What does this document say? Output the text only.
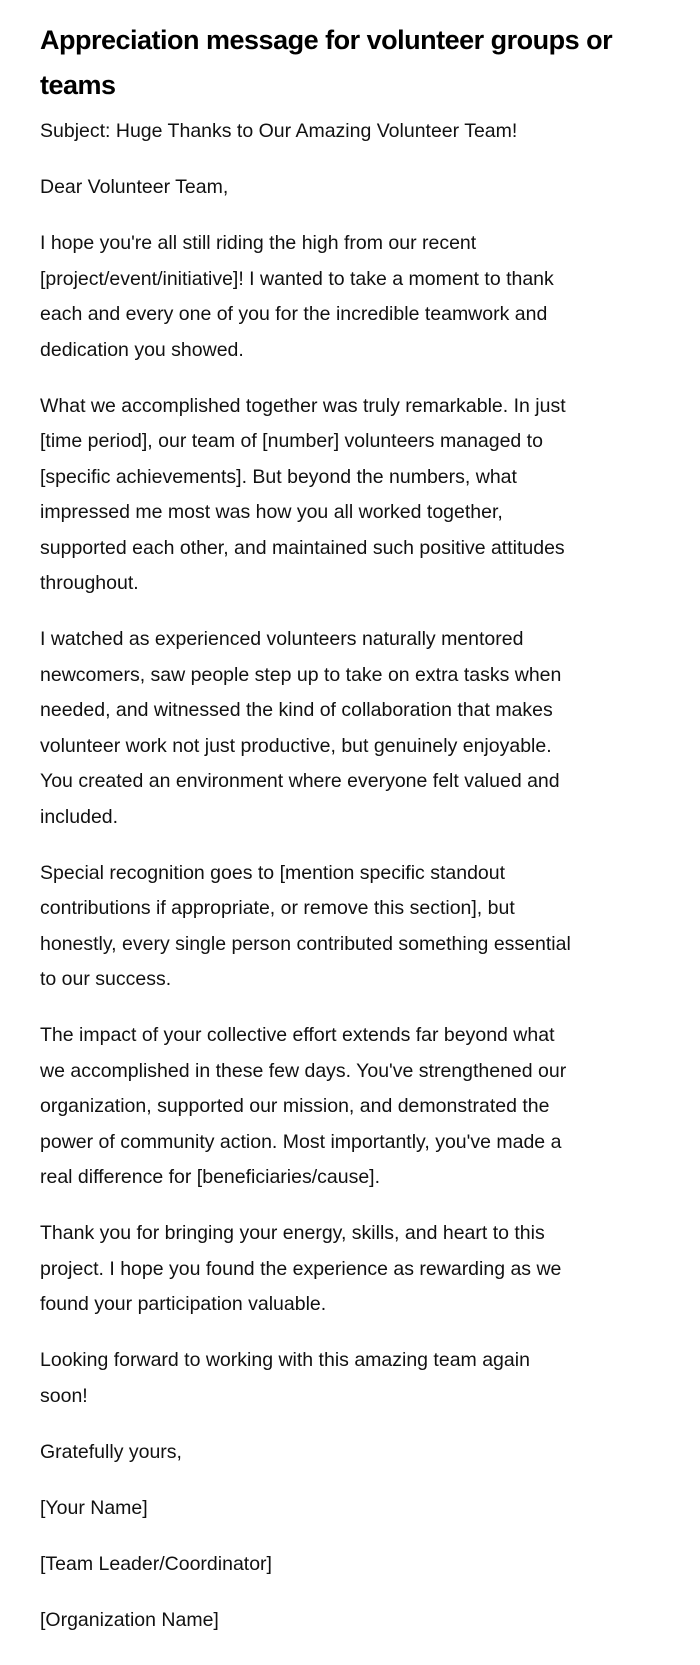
Appreciation message for volunteer groups or
teams

Subject: Huge Thanks to Our Amazing Volunteer Team!

Dear Volunteer Team,

I hope you're all still riding the high from our recent
[project/event/initiative]! I wanted to take a moment to thank
each and every one of you for the incredible teamwork and
dedication you showed.

What we accomplished together was truly remarkable. In just
[time period], our team of [number] volunteers managed to
[specific achievements]. But beyond the numbers, what
impressed me most was how you all worked together,
supported each other, and maintained such positive attitudes
throughout.

I watched as experienced volunteers naturally mentored
newcomers, saw people step up to take on extra tasks when
needed, and witnessed the kind of collaboration that makes
volunteer work not just productive, but genuinely enjoyable.
You created an environment where everyone felt valued and
included.

Special recognition goes to [mention specific standout
contributions if appropriate, or remove this section], but
honestly, every single person contributed something essential
to our success.

The impact of your collective effort extends far beyond what
we accomplished in these few days. You've strengthened our
organization, supported our mission, and demonstrated the
power of community action. Most importantly, you've made a
real difference for [beneficiaries/cause].

Thank you for bringing your energy, skills, and heart to this
project. I hope you found the experience as rewarding as we
found your participation valuable.

Looking forward to working with this amazing team again
soon!

Gratefully yours,

[Your Name]

[Team Leader/Coordinator]

[Organization Name]
